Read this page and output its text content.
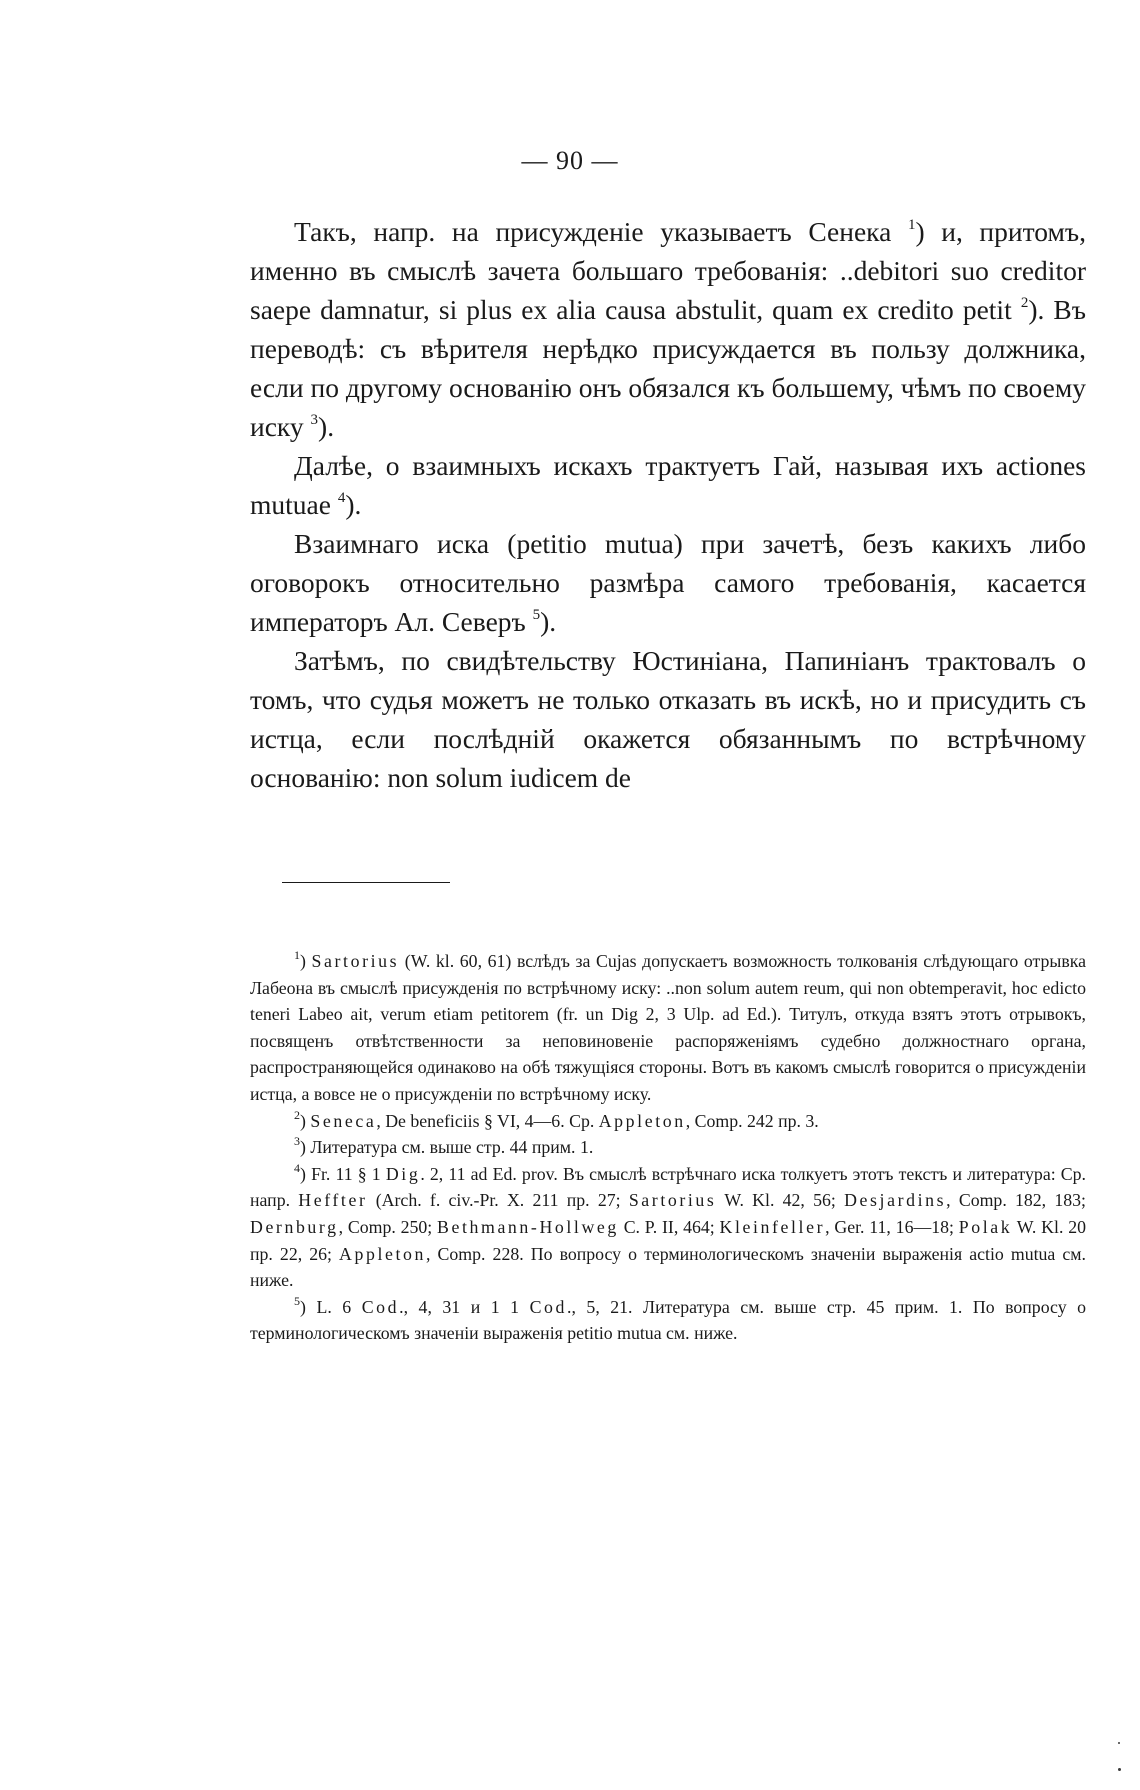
— 90 —

Такъ, напр. на присужденіе указываетъ Сенека $^1$) и, притомъ, именно въ смыслѣ зачета большаго требованія: ..debitori suo creditor saepe damnatur, si plus ex alia causa abstulit, quam ex credito petit $^2$). Въ переводѣ: съ вѣрителя нерѣдко присуждается въ пользу должника, если по другому основанію онъ обязался къ большему, чѣмъ по своему иску $^3$).

Далѣе, о взаимныхъ искахъ трактуетъ Гай, называя ихъ actiones mutuae $^4$).

Взаимнаго иска (petitio mutua) при зачетѣ, безъ какихъ либо оговорокъ относительно размѣра самого требованія, касается императоръ Ал. Северъ $^5$).

Затѣмъ, по свидѣтельству Юстиніана, Папиніанъ трактовалъ о томъ, что судья можетъ не только отказать въ искѣ, но и присудить съ истца, если послѣдній окажется обязаннымъ по встрѣчному основанію: non solum iudicem de

$^1$) Sartorius (W. kl. 60, 61) вслѣдъ за Cujas допускаетъ возможность толкованія слѣдующаго отрывка Лабеона въ смыслѣ присужденія по встрѣчному иску: ..non solum autem reum, qui non obtemperavit, hoc edicto teneri Labeo ait, verum etiam petitorem (fr. un Dig 2, 3 Ulp. ad Ed.). Титулъ, откуда взятъ этотъ отрывокъ, посвященъ отвѣтственности за неповиновеніе распоряженіямъ судебно должностнаго органа, распространяющейся одинаково на обѣ тяжущіяся стороны. Вотъ въ какомъ смыслѣ говорится о присужденіи истца, а вовсе не о присужденіи по встрѣчному иску.

$^2$) Seneca, De beneficiis § VI, 4—6. Ср. Appleton, Comp. 242 пр. 3.

$^3$) Литература см. выше стр. 44 прим. 1.

$^4$) Fr. 11 § 1 Dig. 2, 11 ad Ed. prov. Въ смыслѣ встрѣчнаго иска толкуетъ этотъ текстъ и литература: Ср. напр. Heffter (Arch. f. civ.-Pr. X. 211 пр. 27; Sartorius W. Kl. 42, 56; Desjardins, Comp. 182, 183; Dernburg, Comp. 250; Bethmann-Hollweg C. P. II, 464; Kleinfeller, Ger. 11, 16—18; Polak W. Kl. 20 пр. 22, 26; Appleton, Comp. 228. По вопросу о терминологическомъ значеніи выраженія actio mutua см. ниже.

$^5$) L. 6 Cod., 4, 31 и 1 1 Cod., 5, 21. Литература см. выше стр. 45 прим. 1. По вопросу о терминологическомъ значеніи выраженія petitio mutua см. ниже.
